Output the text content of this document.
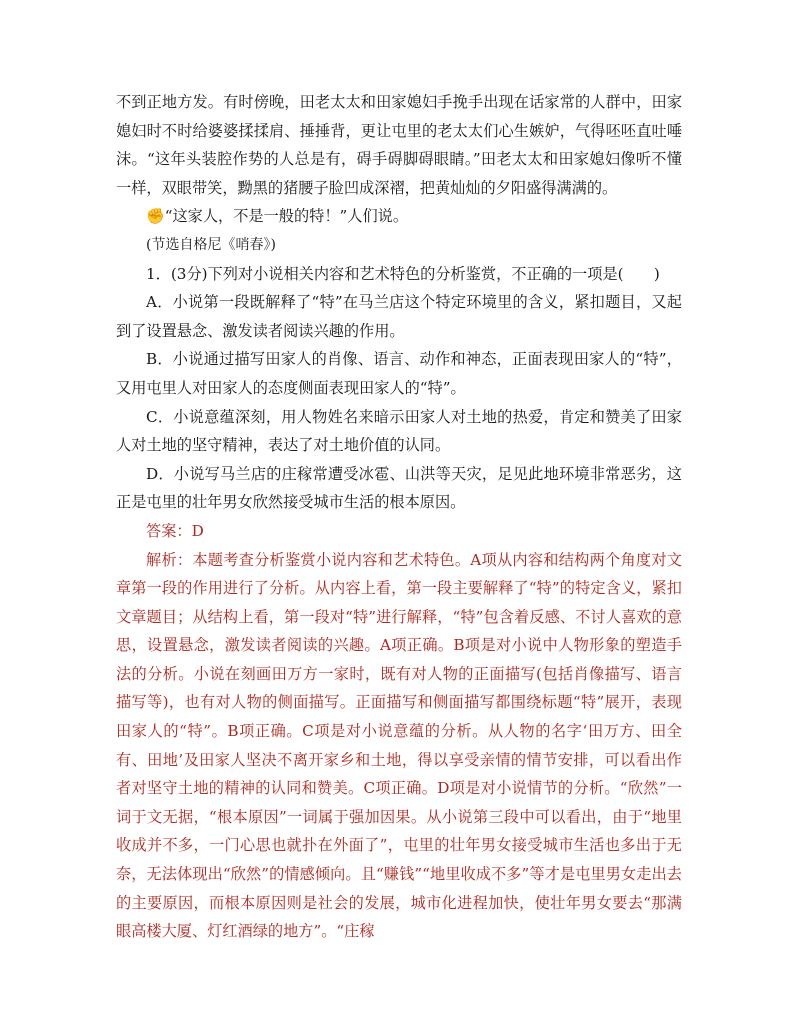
不到正地方发。有时傍晚，田老太太和田家媳妇手挽手出现在话家常的人群中，田家媳妇时不时给婆婆揉揉肩、捶捶背，更让屯里的老太太们心生嫉妒，气得呸呸直吐唾沫。“这年头装腔作势的人总是有，碍手碍脚碍眼睛。”田老太太和田家媳妇像听不懂一样，双眼带笑，黝黑的猪腰子脸凹成深褶，把黄灿灿的夕阳盛得满满的。

✊“这家人，不是一般的特！”人们说。

(节选自格尼《哨春》)

1．(3分)下列对小说相关内容和艺术特色的分析鉴赏，不正确的一项是(　　)

A．小说第一段既解释了“特”在马兰店这个特定环境里的含义，紧扣题目，又起到了设置悬念、激发读者阅读兴趣的作用。

B．小说通过描写田家人的肖像、语言、动作和神态，正面表现田家人的“特”，又用屯里人对田家人的态度侧面表现田家人的“特”。

C．小说意蕴深刻，用人物姓名来暗示田家人对土地的热爱，肯定和赞美了田家人对土地的坚守精神，表达了对土地价值的认同。

D．小说写马兰店的庄稼常遭受冰雹、山洪等天灾，足见此地环境非常恶劣，这正是屯里的壮年男女欣然接受城市生活的根本原因。

答案：D

解析：本题考查分析鉴赏小说内容和艺术特色。A项从内容和结构两个角度对文章第一段的作用进行了分析。从内容上看，第一段主要解释了“特”的特定含义，紧扣文章题目；从结构上看，第一段对“特”进行解释，“特”包含着反感、不讨人喜欢的意思，设置悬念，激发读者阅读的兴趣。A项正确。B项是对小说中人物形象的塑造手法的分析。小说在刻画田万方一家时，既有对人物的正面描写(包括肖像描写、语言描写等)，也有对人物的侧面描写。正面描写和侧面描写都围绕标题“特”展开，表现田家人的“特”。B项正确。C项是对小说意蕴的分析。从人物的名字‘田万方、田全有、田地’及田家人坚决不离开家乡和土地，得以享受亲情的情节安排，可以看出作者对坚守土地的精神的认同和赞美。C项正确。D项是对小说情节的分析。“欣然”一词于文无据，“根本原因”一词属于强加因果。从小说第三段中可以看出，由于“地里收成并不多，一门心思也就扑在外面了”，屯里的壮年男女接受城市生活也多出于无奈，无法体现出“欣然”的情感倾向。且“赚钱”“地里收成不多”等才是屯里男女走出去的主要原因，而根本原因则是社会的发展，城市化进程加快，使壮年男女要去“那满眼高楼大厦、灯红酒绿的地方”。“庄稼
